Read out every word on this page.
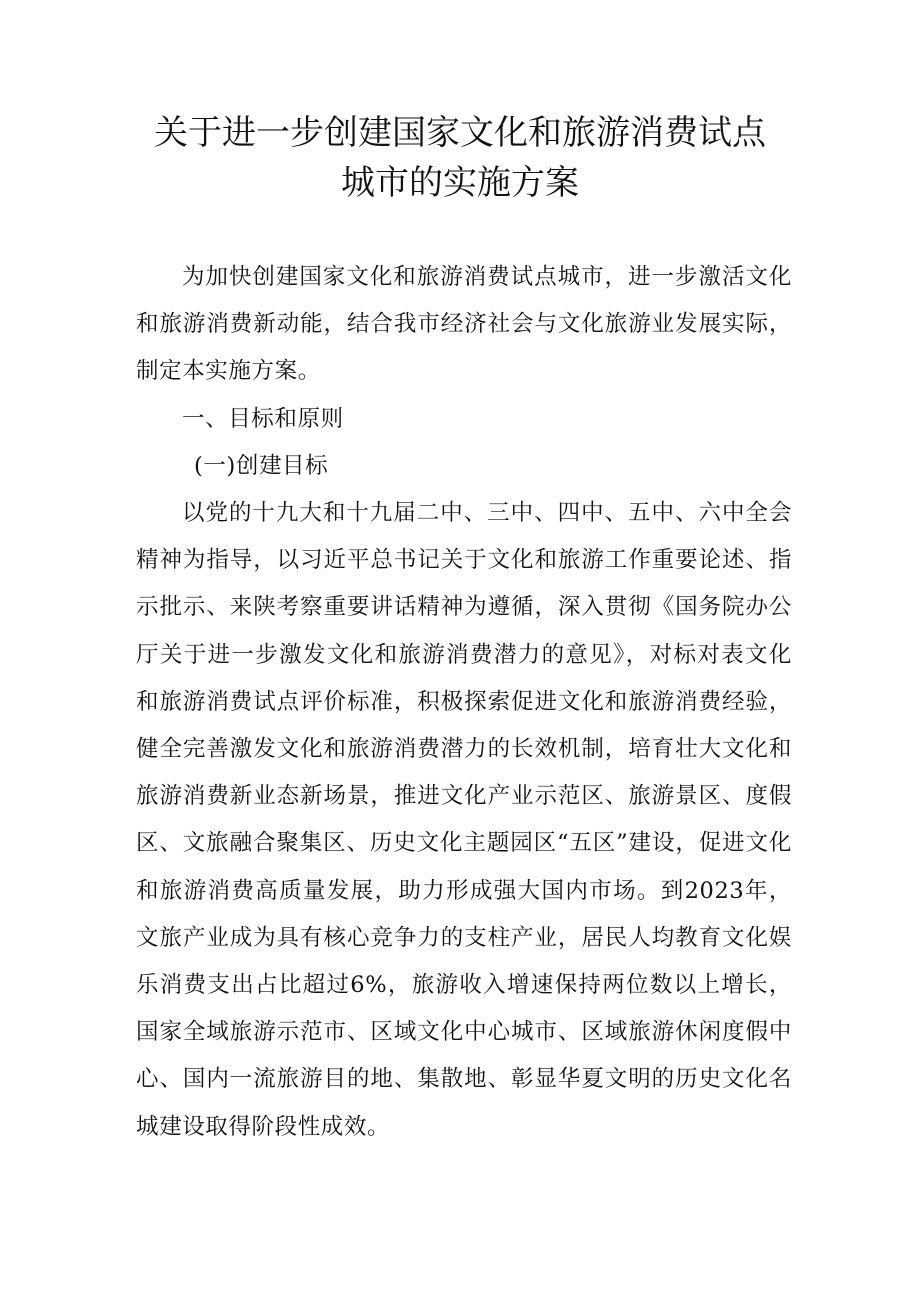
关于进一步创建国家文化和旅游消费试点
城市的实施方案

为加快创建国家文化和旅游消费试点城市，进一步激活文化和旅游消费新动能，结合我市经济社会与文化旅游业发展实际，制定本实施方案。

一、目标和原则

(一)创建目标

以党的十九大和十九届二中、三中、四中、五中、六中全会精神为指导，以习近平总书记关于文化和旅游工作重要论述、指示批示、来陕考察重要讲话精神为遵循，深入贯彻《国务院办公厅关于进一步激发文化和旅游消费潜力的意见》，对标对表文化和旅游消费试点评价标准，积极探索促进文化和旅游消费经验，健全完善激发文化和旅游消费潜力的长效机制，培育壮大文化和旅游消费新业态新场景，推进文化产业示范区、旅游景区、度假区、文旅融合聚集区、历史文化主题园区“五区”建设，促进文化和旅游消费高质量发展，助力形成强大国内市场。到2023年，文旅产业成为具有核心竞争力的支柱产业，居民人均教育文化娱乐消费支出占比超过6%，旅游收入增速保持两位数以上增长，国家全域旅游示范市、区域文化中心城市、区域旅游休闲度假中心、国内一流旅游目的地、集散地、彰显华夏文明的历史文化名城建设取得阶段性成效。
